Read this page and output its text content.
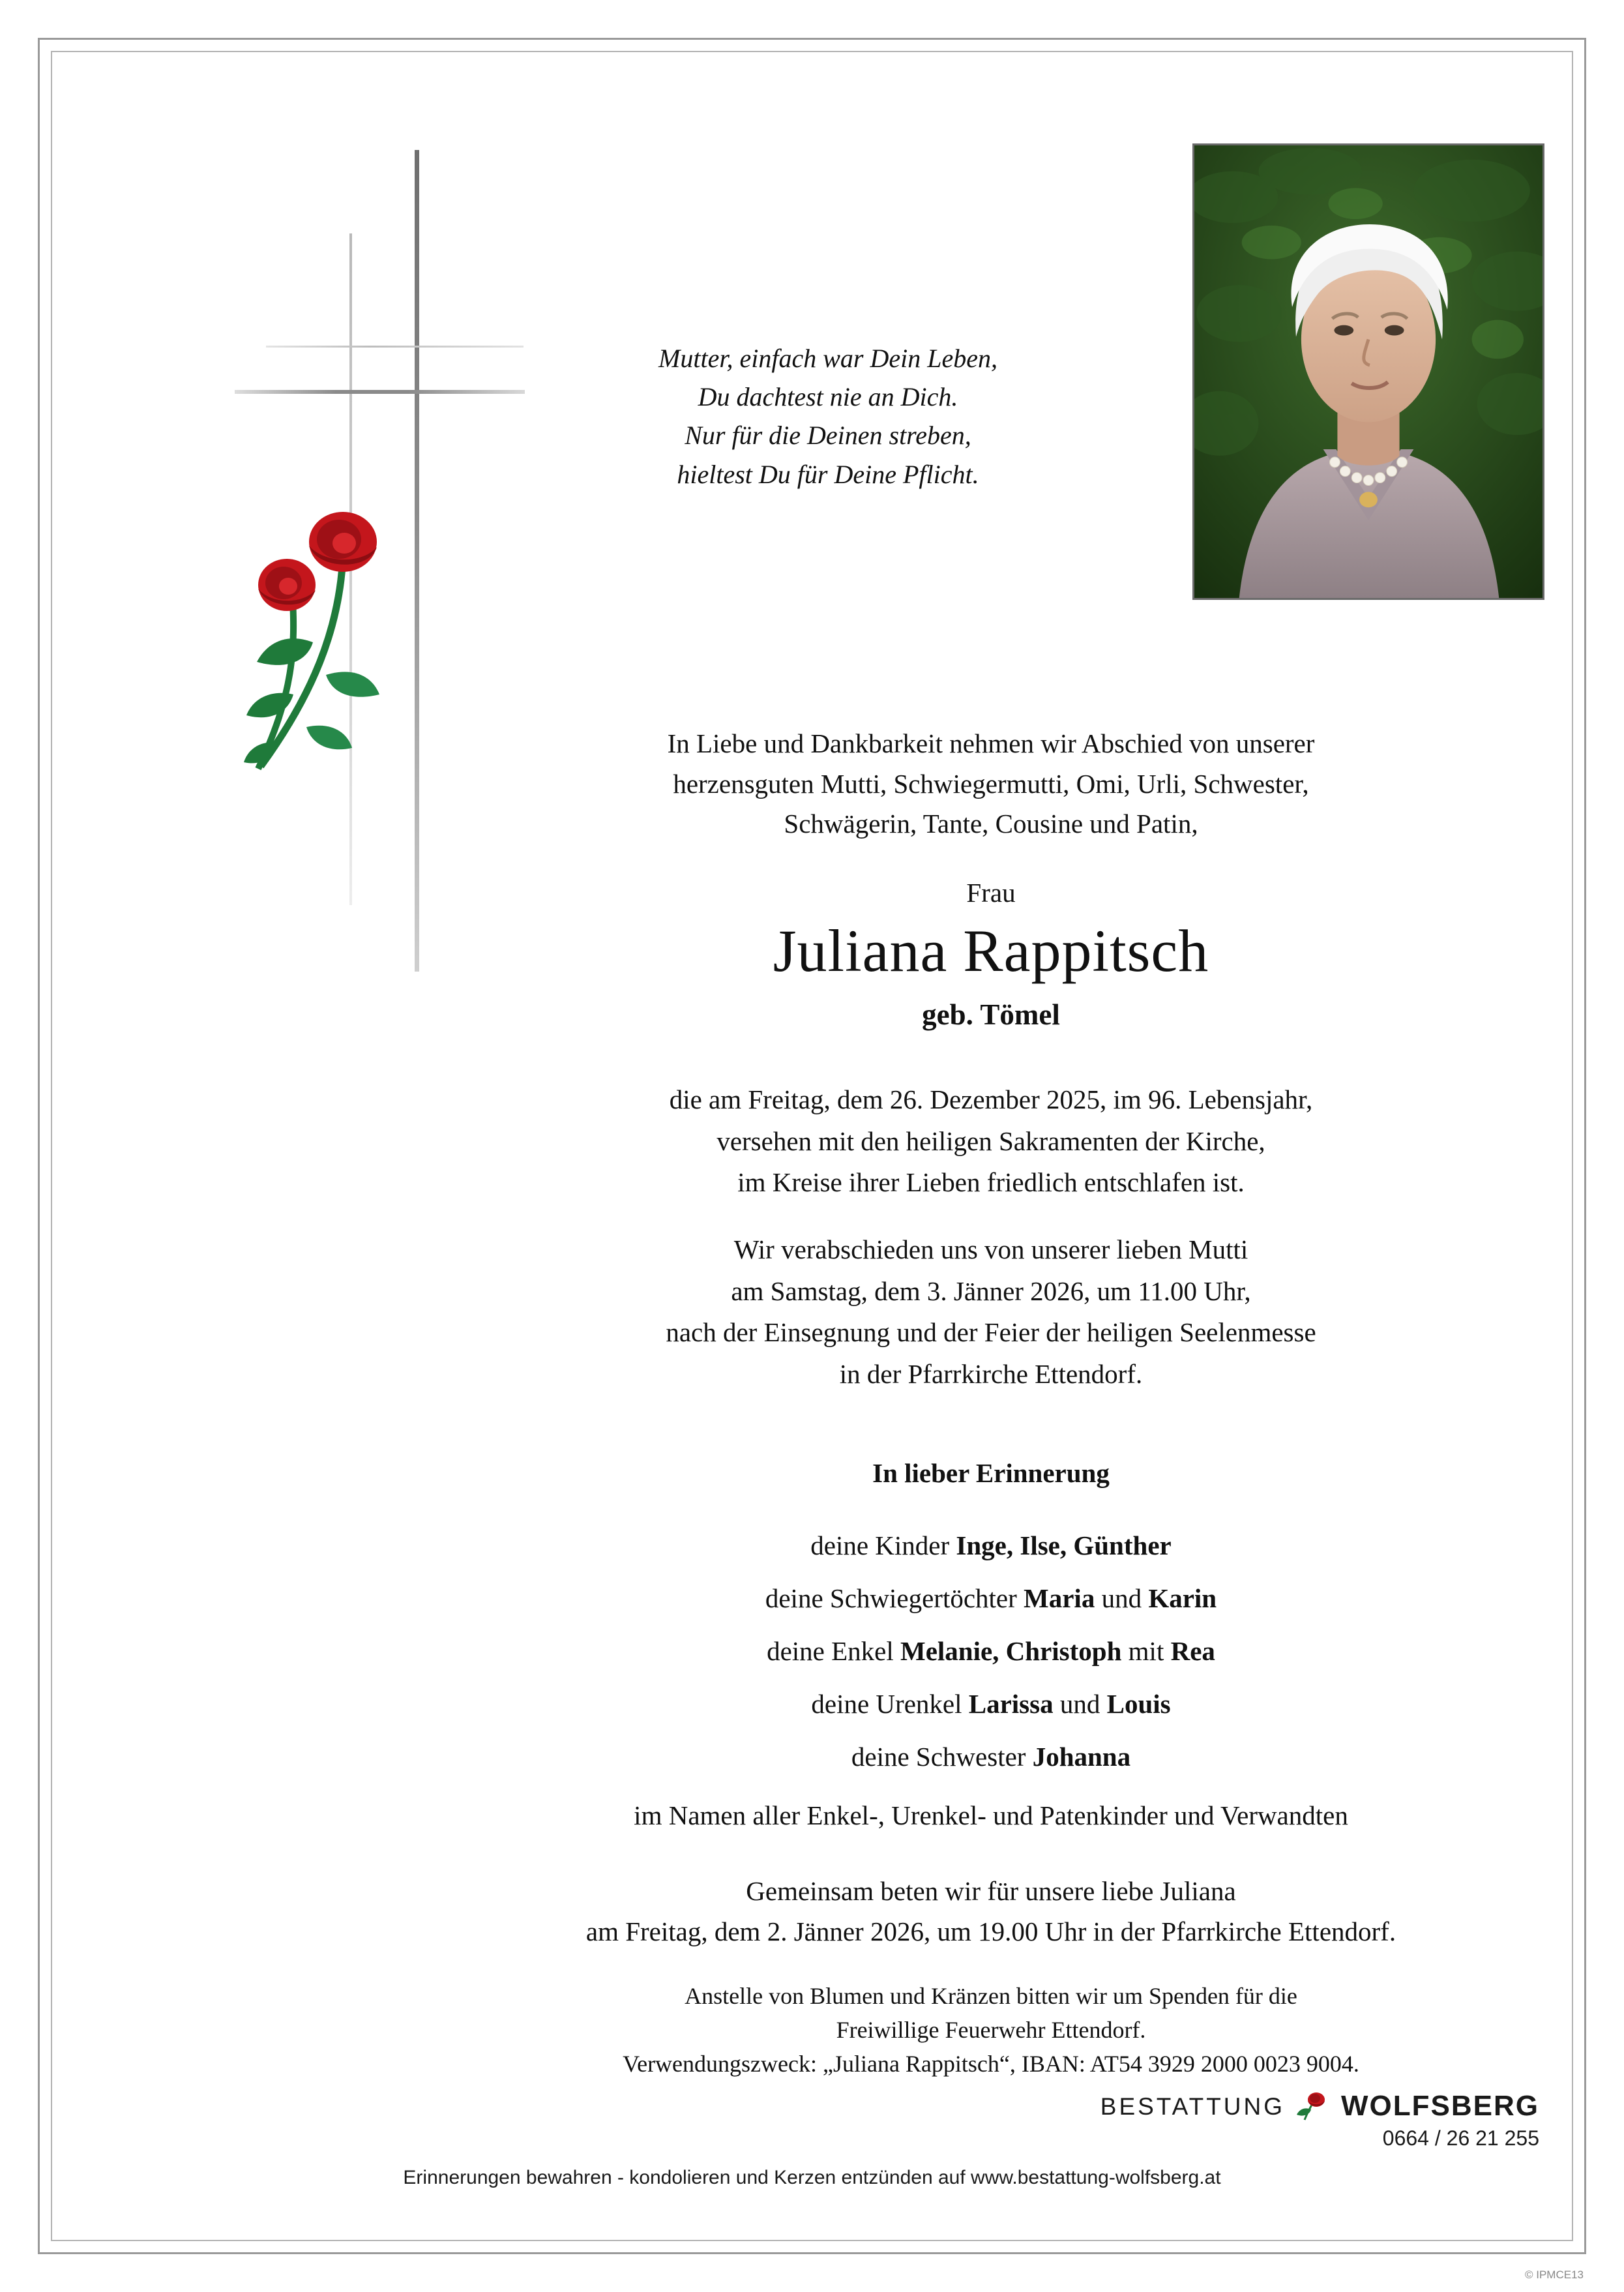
Mutter, einfach war Dein Leben,
Du dachtest nie an Dich.
Nur für die Deinen streben,
hieltest Du für Deine Pflicht.
In Liebe und Dankbarkeit nehmen wir Abschied von unserer
herzensguten Mutti, Schwiegermutti, Omi, Urli, Schwester,
Schwägerin, Tante, Cousine und Patin,
Frau
Juliana Rappitsch
geb. Tömel
die am Freitag, dem 26. Dezember 2025, im 96. Lebensjahr,
versehen mit den heiligen Sakramenten der Kirche,
im Kreise ihrer Lieben friedlich entschlafen ist.
Wir verabschieden uns von unserer lieben Mutti
am Samstag, dem 3. Jänner 2026, um 11.00 Uhr,
nach der Einsegnung und der Feier der heiligen Seelenmesse
in der Pfarrkirche Ettendorf.
In lieber Erinnerung

deine Kinder Inge, Ilse, Günther

deine Schwiegertöchter Maria und Karin

deine Enkel Melanie, Christoph mit Rea

deine Urenkel Larissa und Louis

deine Schwester Johanna

im Namen aller Enkel-, Urenkel- und Patenkinder und Verwandten
Gemeinsam beten wir für unsere liebe Juliana
am Freitag, dem 2. Jänner 2026, um 19.00 Uhr in der Pfarrkirche Ettendorf.
Anstelle von Blumen und Kränzen bitten wir um Spenden für die
Freiwillige Feuerwehr Ettendorf.
Verwendungszweck: „Juliana Rappitsch“, IBAN: AT54 3929 2000 0023 9004.
BESTATTUNG WOLFSBERG
0664 / 26 21 255
Erinnerungen bewahren - kondolieren und Kerzen entzünden auf www.bestattung-wolfsberg.at
© IPMCE13
